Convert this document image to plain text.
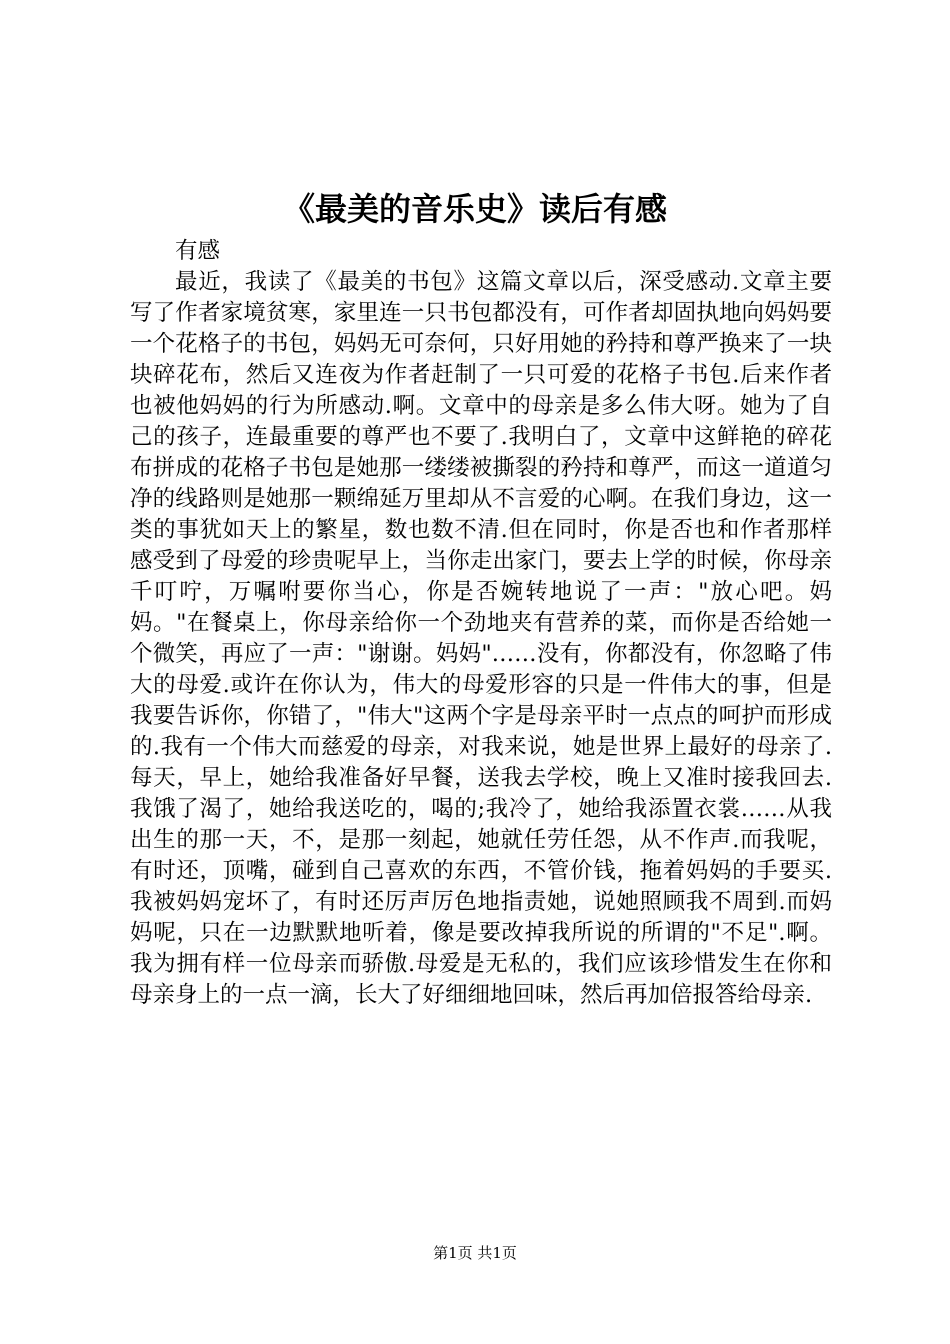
《最美的音乐史》读后有感

有感

最近，我读了《最美的书包》这篇文章以后，深受感动.文章主要写了作者家境贫寒，家里连一只书包都没有，可作者却固执地向妈妈要一个花格子的书包，妈妈无可奈何，只好用她的矜持和尊严换来了一块块碎花布，然后又连夜为作者赶制了一只可爱的花格子书包.后来作者也被他妈妈的行为所感动.啊。文章中的母亲是多么伟大呀。她为了自己的孩子，连最重要的尊严也不要了.我明白了，文章中这鲜艳的碎花布拼成的花格子书包是她那一缕缕被撕裂的矜持和尊严，而这一道道匀净的线路则是她那一颗绵延万里却从不言爱的心啊。在我们身边，这一类的事犹如天上的繁星，数也数不清.但在同时，你是否也和作者那样感受到了母爱的珍贵呢早上，当你走出家门，要去上学的时候，你母亲千叮咛，万嘱咐要你当心，你是否婉转地说了一声："放心吧。妈妈。"在餐桌上，你母亲给你一个劲地夹有营养的菜，而你是否给她一个微笑，再应了一声："谢谢。妈妈"……没有，你都没有，你忽略了伟大的母爱.或许在你认为，伟大的母爱形容的只是一件伟大的事，但是我要告诉你，你错了，"伟大"这两个字是母亲平时一点点的呵护而形成的.我有一个伟大而慈爱的母亲，对我来说，她是世界上最好的母亲了.每天，早上，她给我准备好早餐，送我去学校，晚上又准时接我回去.我饿了渴了，她给我送吃的，喝的;我冷了，她给我添置衣裳……从我出生的那一天，不，是那一刻起，她就任劳任怨，从不作声.而我呢，有时还，顶嘴，碰到自己喜欢的东西，不管价钱，拖着妈妈的手要买.我被妈妈宠坏了，有时还厉声厉色地指责她，说她照顾我不周到.而妈妈呢，只在一边默默地听着，像是要改掉我所说的所谓的"不足".啊。我为拥有样一位母亲而骄傲.母爱是无私的，我们应该珍惜发生在你和母亲身上的一点一滴，长大了好细细地回味，然后再加倍报答给母亲.

第1页 共1页
